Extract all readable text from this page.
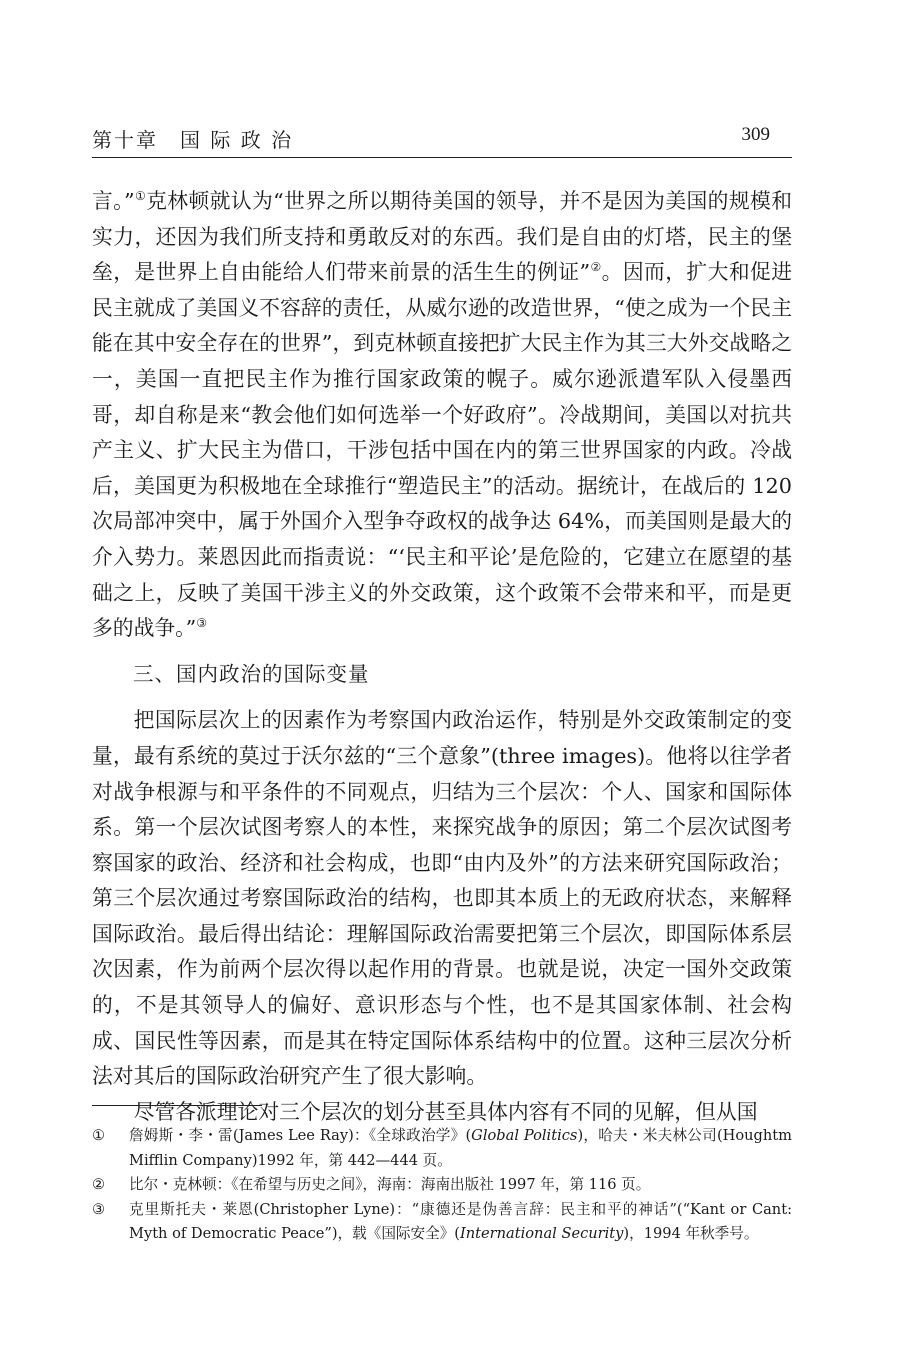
第十章　国 际 政 治	309

言。”①克林顿就认为“世界之所以期待美国的领导，并不是因为美国的规模和实力，还因为我们所支持和勇敢反对的东西。我们是自由的灯塔，民主的堡垒，是世界上自由能给人们带来前景的活生生的例证”②。因而，扩大和促进民主就成了美国义不容辞的责任，从威尔逊的改造世界，“使之成为一个民主能在其中安全存在的世界”，到克林顿直接把扩大民主作为其三大外交战略之一，美国一直把民主作为推行国家政策的幌子。威尔逊派遣军队入侵墨西哥，却自称是来“教会他们如何选举一个好政府”。冷战期间，美国以对抗共产主义、扩大民主为借口，干涉包括中国在内的第三世界国家的内政。冷战后，美国更为积极地在全球推行“塑造民主”的活动。据统计，在战后的 120 次局部冲突中，属于外国介入型争夺政权的战争达 64%，而美国则是最大的介入势力。莱恩因此而指责说：“‘民主和平论’是危险的，它建立在愿望的基础之上，反映了美国干涉主义的外交政策，这个政策不会带来和平，而是更多的战争。”③

三、国内政治的国际变量

把国际层次上的因素作为考察国内政治运作，特别是外交政策制定的变量，最有系统的莫过于沃尔兹的“三个意象”(three images)。他将以往学者对战争根源与和平条件的不同观点，归结为三个层次：个人、国家和国际体系。第一个层次试图考察人的本性，来探究战争的原因；第二个层次试图考察国家的政治、经济和社会构成，也即“由内及外”的方法来研究国际政治；第三个层次通过考察国际政治的结构，也即其本质上的无政府状态，来解释国际政治。最后得出结论：理解国际政治需要把第三个层次，即国际体系层次因素，作为前两个层次得以起作用的背景。也就是说，决定一国外交政策的，不是其领导人的偏好、意识形态与个性，也不是其国家体制、社会构成、国民性等因素，而是其在特定国际体系结构中的位置。这种三层次分析法对其后的国际政治研究产生了很大影响。

尽管各派理论对三个层次的划分甚至具体内容有不同的见解，但从国

① 詹姆斯・李・雷(James Lee Ray)：《全球政治学》(Global Politics)，哈夫・米夫林公司(Houghtm Mifflin Company)1992 年，第 442—444 页。

② 比尔・克林顿：《在希望与历史之间》，海南：海南出版社 1997 年，第 116 页。

③ 克里斯托夫・莱恩(Christopher Lyne)：“康德还是伪善言辞：民主和平的神话”(“Kant or Cant: Myth of Democratic Peace”)，载《国际安全》(International Security)，1994 年秋季号。
